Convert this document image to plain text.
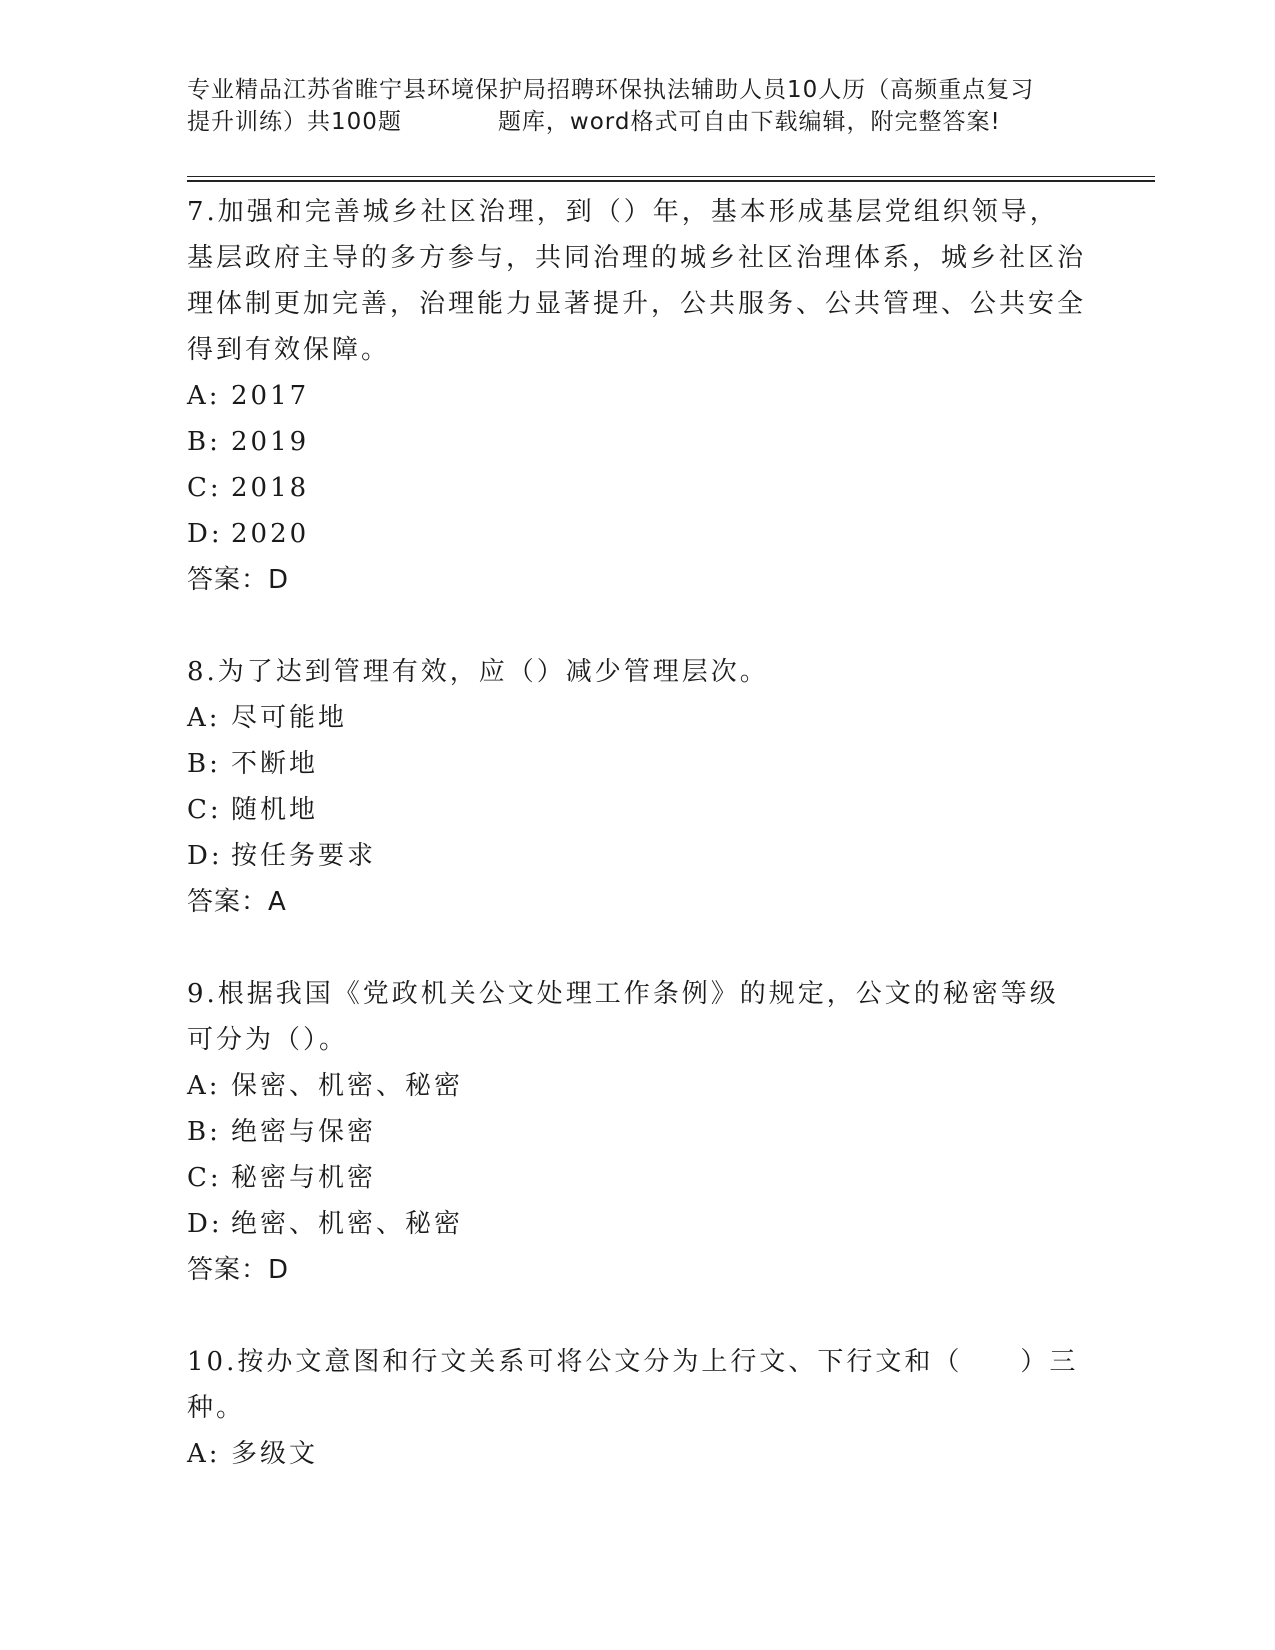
专业精品江苏省睢宁县环境保护局招聘环保执法辅助人员10人历（高频重点复习
提升训练）共100题	题库，word格式可自由下载编辑，附完整答案!

7.加强和完善城乡社区治理，到（）年，基本形成基层党组织领导，基层政府主导的多方参与，共同治理的城乡社区治理体系，城乡社区治理体制更加完善，治理能力显著提升，公共服务、公共管理、公共安全得到有效保障。

A: 2017

B: 2019

C: 2018

D: 2020

答案：D

8.为了达到管理有效，应（）减少管理层次。

A: 尽可能地

B: 不断地

C: 随机地

D: 按任务要求

答案：A

9.根据我国《党政机关公文处理工作条例》的规定，公文的秘密等级可分为（）。

A: 保密、机密、秘密

B: 绝密与保密

C: 秘密与机密

D: 绝密、机密、秘密

答案：D

10.按办文意图和行文关系可将公文分为上行文、下行文和（　　）三种。

A: 多级文
